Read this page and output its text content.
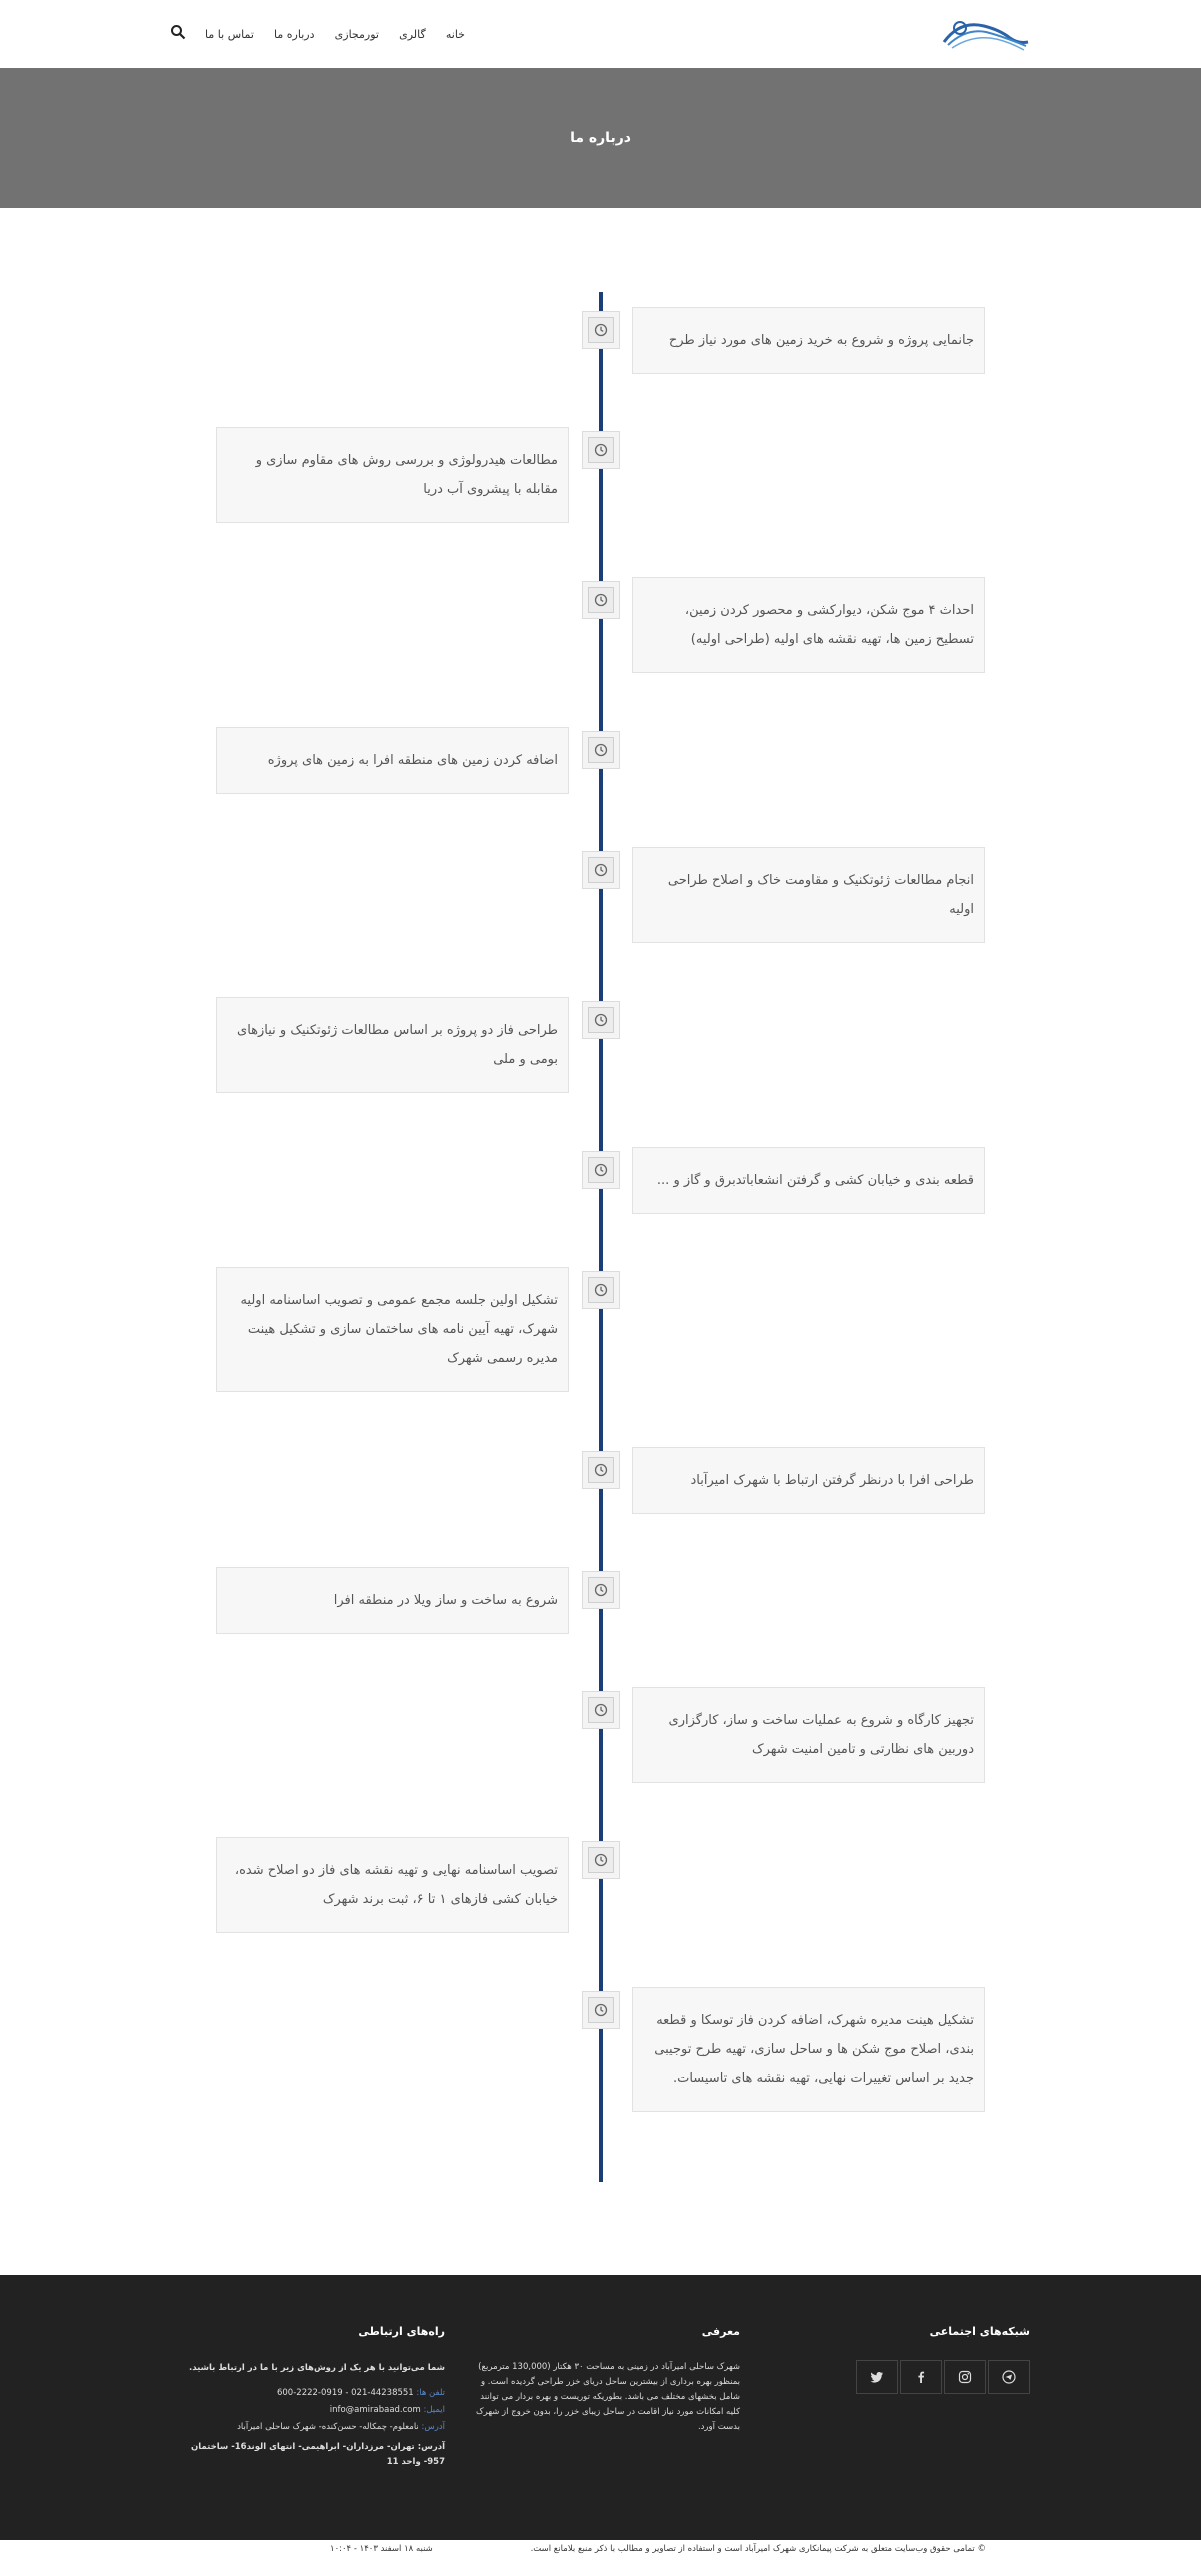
خانه
گالری
تورمجازی
درباره ما
تماس با ما
درباره ما

جانمایی پروژه و شروع به خرید زمین های مورد نیاز طرح

مطالعات هیدرولوژی و بررسی روش های مقاوم سازی و مقابله با پیشروی آب دریا

احداث ۴ موج شکن، دیوارکشی و محصور کردن زمین، تسطیح زمین ها، تهیه نقشه های اولیه (طراحی اولیه)

اضافه کردن زمین های منطقه افرا به زمین های پروژه

انجام مطالعات ژئوتکنیک و مقاومت خاک و اصلاح طراحی اولیه

طراحی فاز دو پروژه بر اساس مطالعات ژئوتکنیک و نیازهای بومی و ملی

قطعه بندی و خیابان کشی و گرفتن انشعاباتدبرق و گاز و ...

تشکیل اولین جلسه مجمع عمومی و تصویب اساسنامه اولیه شهرک، تهیه آیین نامه های ساختمان سازی و تشکیل هینت مدیره رسمی شهرک

طراحی افرا با درنظر گرفتن ارتباط با شهرک امیرآباد

شروع به ساخت و ساز ویلا در منطقه افرا

تجهیز کارگاه و شروع به عملیات ساخت و ساز، کارگزاری دوربین های نظارتی و تامین امنیت شهرک

تصویب اساسنامه نهایی و تهیه نقشه های فاز دو اصلاح شده، خیابان کشی فازهای ۱ تا ۶، ثبت برند شهرک

تشکیل هینت مدیره شهرک، اضافه کردن فاز توسکا و قطعه بندی، اصلاح موج شکن ها و ساحل سازی، تهیه طرح توجیبی جدید بر اساس تغییرات نهایی، تهیه نقشه های تاسیسات.

شبکه‌های اجتماعی
معرفی
شهرک ساحلی امیرآباد در زمینی به مساحت ۳۰ هکتار (130,000 مترمربع) بمنظور بهره برداری از بیشترین ساحل دریای خزر طراحی گردیده است. و شامل بخشهای مختلف می باشد. بطوریکه توریست و بهره بردار می توانند کلیه امکانات مورد نیاز اقامت در ساحل زیبای خزر را، بدون خروج از شهرک بدست آورد.
راه‌های ارتباطی
شما می‌توانید با هر یک از روش‌های زیر با ما در ارتباط باشید.
تلفن ها: 44238551-021 - 0919-2222-600
ایمیل: info@amirabaad.com
آدرس: نامعلوم- چمکاله- حسن‌کنده- شهرک ساحلی امیرآباد
آدرس: تهران- مرزداران- ابراهیمی- انتهای الوند16- ساختمان 957- واحد 11
© تمامی حقوق وب‌سایت متعلق به شرکت پیمانکاری شهرک امیرآباد است و استفاده از تصاویر و مطالب با ذکر منبع بلامانع است.
شنبه ۱۸ اسفند ۱۴۰۳ - ۱۰:۰۴
